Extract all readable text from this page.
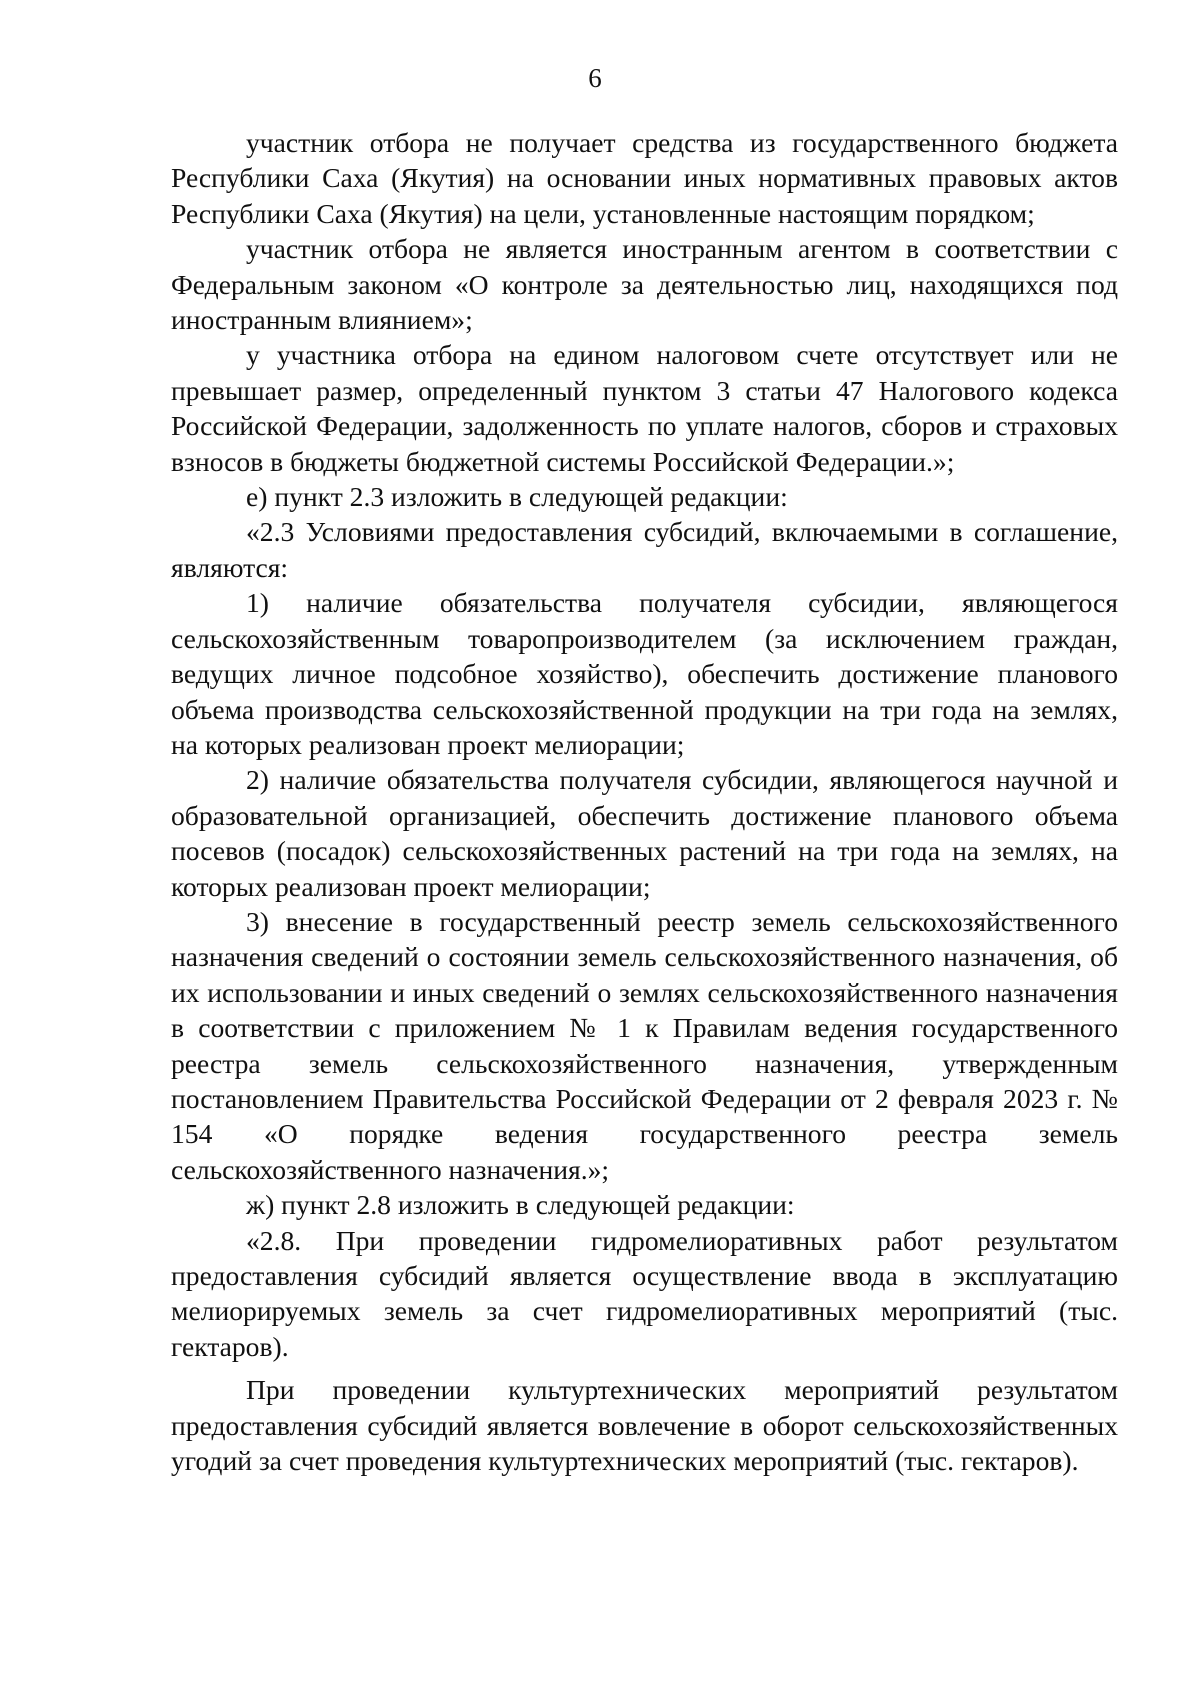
6

участник отбора не получает средства из государственного бюджета Республики Саха (Якутия) на основании иных нормативных правовых актов Республики Саха (Якутия) на цели, установленные настоящим порядком;

участник отбора не является иностранным агентом в соответствии с Федеральным законом «О контроле за деятельностью лиц, находящихся под иностранным влиянием»;

у участника отбора на едином налоговом счете отсутствует или не превышает размер, определенный пунктом 3 статьи 47 Налогового кодекса Российской Федерации, задолженность по уплате налогов, сборов и страховых взносов в бюджеты бюджетной системы Российской Федерации.»;

е) пункт 2.3 изложить в следующей редакции:

«2.3 Условиями предоставления субсидий, включаемыми в соглашение, являются:

1) наличие обязательства получателя субсидии, являющегося сельскохозяйственным товаропроизводителем (за исключением граждан, ведущих личное подсобное хозяйство), обеспечить достижение планового объема производства сельскохозяйственной продукции на три года на землях, на которых реализован проект мелиорации;

2) наличие обязательства получателя субсидии, являющегося научной и образовательной организацией, обеспечить достижение планового объема посевов (посадок) сельскохозяйственных растений на три года на землях, на которых реализован проект мелиорации;

3) внесение в государственный реестр земель сельскохозяйственного назначения сведений о состоянии земель сельскохозяйственного назначения, об их использовании и иных сведений о землях сельскохозяйственного назначения в соответствии с приложением № 1 к Правилам ведения государственного реестра земель сельскохозяйственного назначения, утвержденным постановлением Правительства Российской Федерации от 2 февраля 2023 г. № 154 «О порядке ведения государственного реестра земель сельскохозяйственного назначения.»;

ж) пункт 2.8 изложить в следующей редакции:

«2.8. При проведении гидромелиоративных работ результатом предоставления субсидий является осуществление ввода в эксплуатацию мелиорируемых земель за счет гидромелиоративных мероприятий (тыс. гектаров).

При проведении культуртехнических мероприятий результатом предоставления субсидий является вовлечение в оборот сельскохозяйственных угодий за счет проведения культуртехнических мероприятий (тыс. гектаров).
